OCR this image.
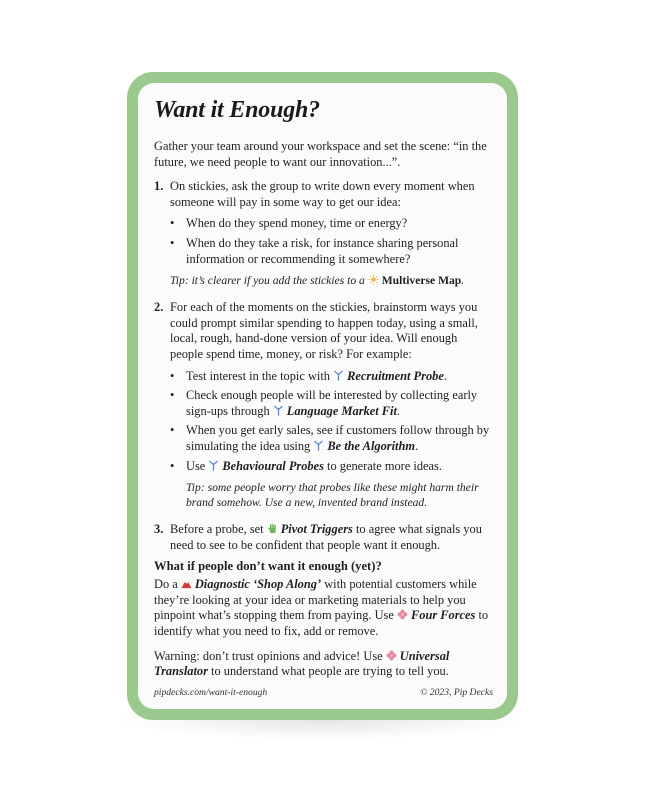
Want it Enough?

Gather your team around your workspace and set the scene: “in the future, we need people to want our innovation...”.

1. On stickies, ask the group to write down every moment when someone will pay in some way to get our idea:

• When do they spend money, time or energy?
• When do they take a risk, for instance sharing personal information or recommending it somewhere?

Tip: it’s clearer if you add the stickies to a Multiverse Map.

2. For each of the moments on the stickies, brainstorm ways you could prompt similar spending to happen today, using a small, local, rough, hand-done version of your idea. Will enough people spend time, money, or risk? For example:

• Test interest in the topic with Recruitment Probe.
• Check enough people will be interested by collecting early sign-ups through Language Market Fit.
• When you get early sales, see if customers follow through by simulating the idea using Be the Algorithm.
• Use Behavioural Probes to generate more ideas.

Tip: some people worry that probes like these might harm their brand somehow. Use a new, invented brand instead.

3. Before a probe, set Pivot Triggers to agree what signals you need to see to be confident that people want it enough.

What if people don’t want it enough (yet)?

Do a Diagnostic ‘Shop Along’ with potential customers while they’re looking at your idea or marketing materials to help you pinpoint what’s stopping them from paying. Use Four Forces to identify what you need to fix, add or remove.

Warning: don’t trust opinions and advice! Use Universal Translator to understand what people are trying to tell you.

pipdecks.com/want-it-enough	© 2023, Pip Decks
